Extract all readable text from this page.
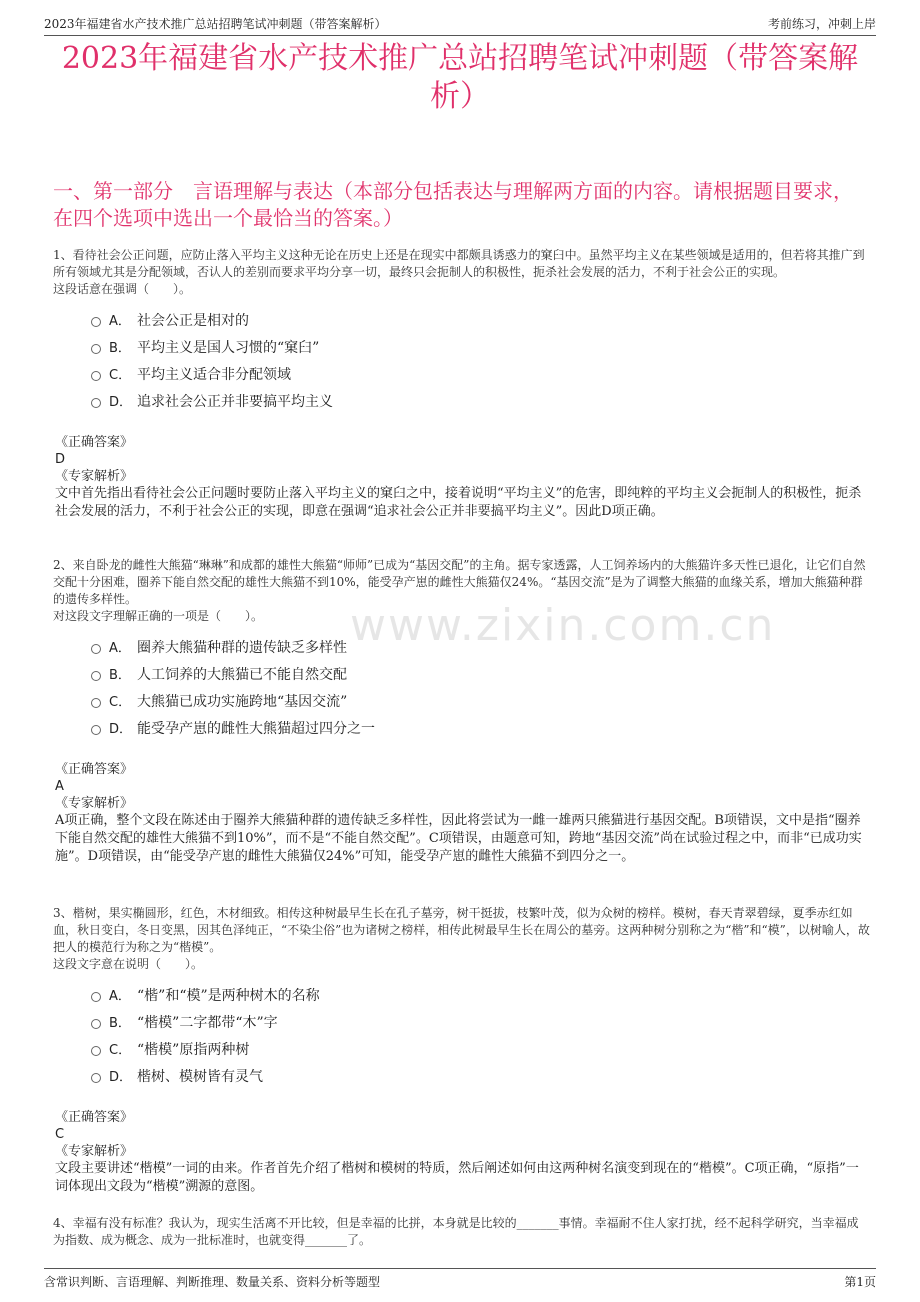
2023年福建省水产技术推广总站招聘笔试冲刺题（带答案解析）	考前练习，冲刺上岸
2023年福建省水产技术推广总站招聘笔试冲刺题（带答案解析）
一、第一部分　言语理解与表达（本部分包括表达与理解两方面的内容。请根据题目要求，在四个选项中选出一个最恰当的答案。）
www.zixin.com.cn
1、看待社会公正问题，应防止落入平均主义这种无论在历史上还是在现实中都颇具诱惑力的窠臼中。虽然平均主义在某些领域是适用的，但若将其推广到所有领域尤其是分配领域，否认人的差别而要求平均分享一切，最终只会扼制人的积极性，扼杀社会发展的活力，不利于社会公正的实现。
这段话意在强调（　　）。
A． 社会公正是相对的
B． 平均主义是国人习惯的“窠臼”
C． 平均主义适合非分配领域
D． 追求社会公正并非要搞平均主义
《正确答案》
D
《专家解析》
文中首先指出看待社会公正问题时要防止落入平均主义的窠臼之中，接着说明“平均主义”的危害，即纯粹的平均主义会扼制人的积极性，扼杀社会发展的活力，不利于社会公正的实现，即意在强调“追求社会公正并非要搞平均主义”。因此D项正确。
2、来自卧龙的雌性大熊猫“琳琳”和成都的雄性大熊猫“师师”已成为“基因交配”的主角。据专家透露，人工饲养场内的大熊猫许多天性已退化，让它们自然交配十分困难，圈养下能自然交配的雄性大熊猫不到10%，能受孕产崽的雌性大熊猫仅24%。“基因交流”是为了调整大熊猫的血缘关系，增加大熊猫种群的遗传多样性。
对这段文字理解正确的一项是（　　）。
A． 圈养大熊猫种群的遗传缺乏多样性
B． 人工饲养的大熊猫已不能自然交配
C． 大熊猫已成功实施跨地“基因交流”
D． 能受孕产崽的雌性大熊猫超过四分之一
《正确答案》
A
《专家解析》
A项正确，整个文段在陈述由于圈养大熊猫种群的遗传缺乏多样性，因此将尝试为一雌一雄两只熊猫进行基因交配。B项错误，文中是指“圈养下能自然交配的雄性大熊猫不到10%”，而不是“不能自然交配”。C项错误，由题意可知，跨地“基因交流”尚在试验过程之中，而非“已成功实施”。D项错误，由“能受孕产崽的雌性大熊猫仅24%”可知，能受孕产崽的雌性大熊猫不到四分之一。
3、楷树，果实椭圆形，红色，木材细致。相传这种树最早生长在孔子墓旁，树干挺拔，枝繁叶茂，似为众树的榜样。模树，春天青翠碧绿，夏季赤红如血，秋日变白，冬日变黑，因其色泽纯正，“不染尘俗”也为诸树之榜样，相传此树最早生长在周公的墓旁。这两种树分别称之为“楷”和“模”，以树喻人，故把人的模范行为称之为“楷模”。
这段文字意在说明（　　）。
A． “楷”和“模”是两种树木的名称
B． “楷模”二字都带“木”字
C． “楷模”原指两种树
D． 楷树、模树皆有灵气
《正确答案》
C
《专家解析》
文段主要讲述“楷模”一词的由来。作者首先介绍了楷树和模树的特质，然后阐述如何由这两种树名演变到现在的“楷模”。C项正确，“原指”一词体现出文段为“楷模”溯源的意图。
4、幸福有没有标准？我认为，现实生活离不开比较，但是幸福的比拼，本身就是比较的_______事情。幸福耐不住人家打扰，经不起科学研究，当幸福成为指数、成为概念、成为一批标准时，也就变得_______了。
含常识判断、言语理解、判断推理、数量关系、资料分析等题型	第1页
